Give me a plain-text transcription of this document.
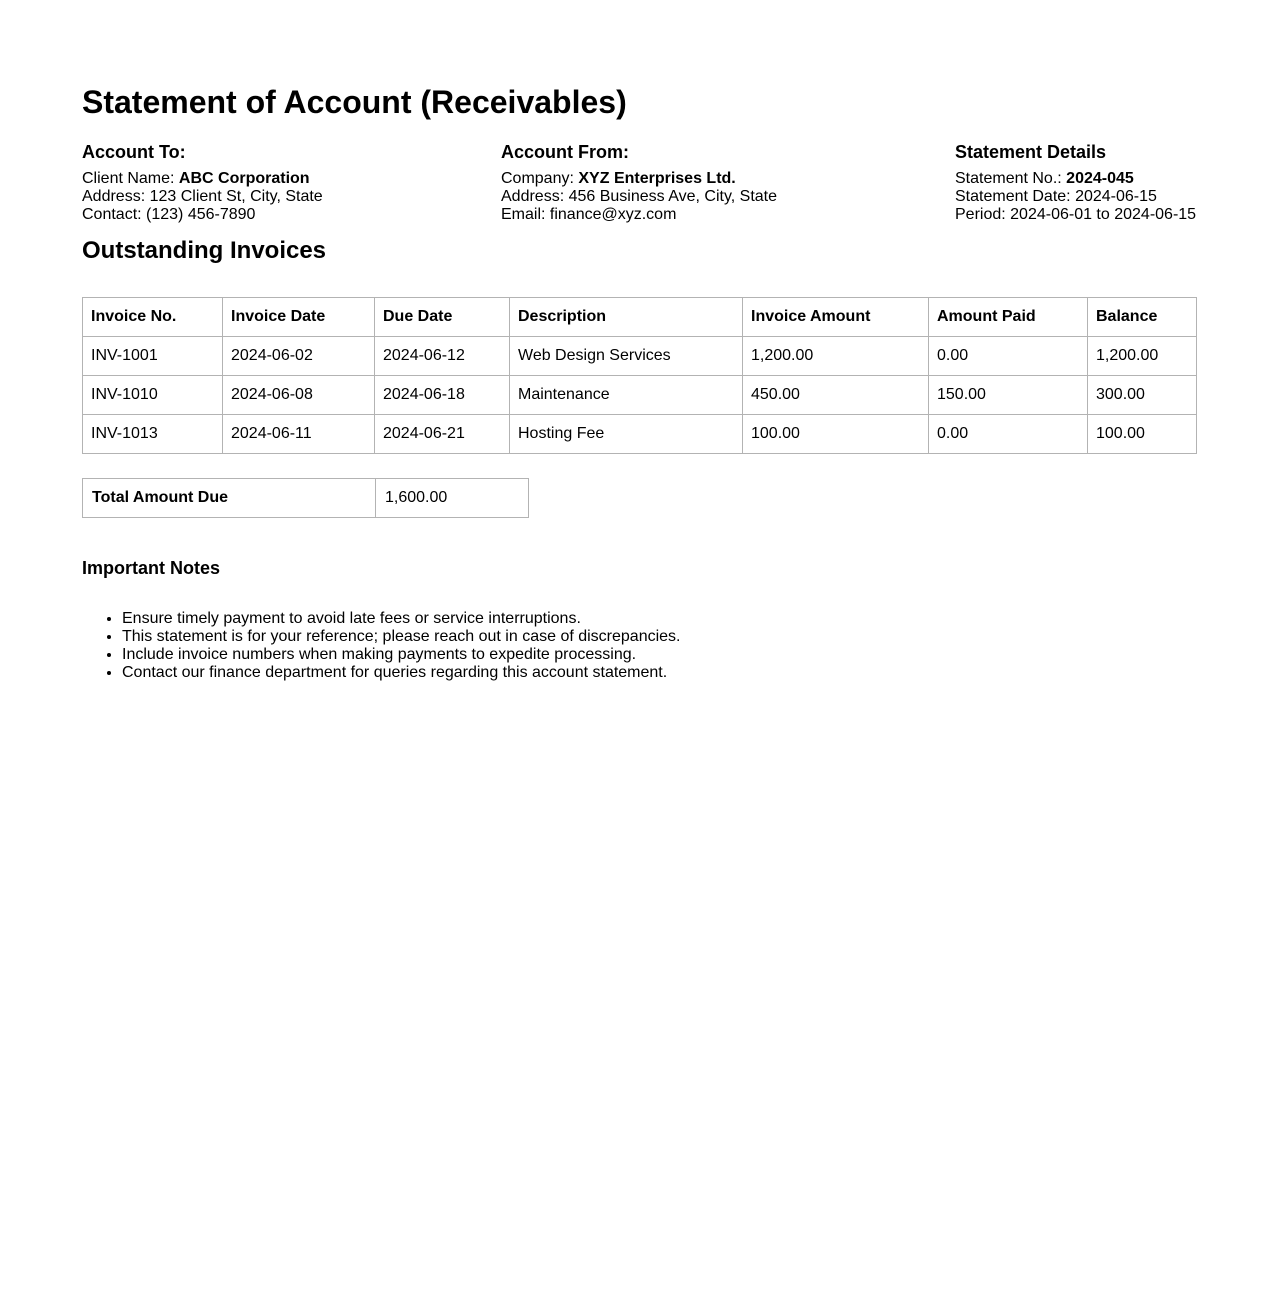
Statement of Account (Receivables)
Account To:
Client Name: ABC Corporation
Address: 123 Client St, City, State
Contact: (123) 456-7890
Account From:
Company: XYZ Enterprises Ltd.
Address: 456 Business Ave, City, State
Email: finance@xyz.com
Statement Details
Statement No.: 2024-045
Statement Date: 2024-06-15
Period: 2024-06-01 to 2024-06-15
Outstanding Invoices
Invoice No.	Invoice Date	Due Date	Description	Invoice Amount	Amount Paid	Balance
INV-1001	2024-06-02	2024-06-12	Web Design Services	1,200.00	0.00	1,200.00
INV-1010	2024-06-08	2024-06-18	Maintenance	450.00	150.00	300.00
INV-1013	2024-06-11	2024-06-21	Hosting Fee	100.00	0.00	100.00
Total Amount Due	1,600.00
Important Notes
• Ensure timely payment to avoid late fees or service interruptions.
• This statement is for your reference; please reach out in case of discrepancies.
• Include invoice numbers when making payments to expedite processing.
• Contact our finance department for queries regarding this account statement.
